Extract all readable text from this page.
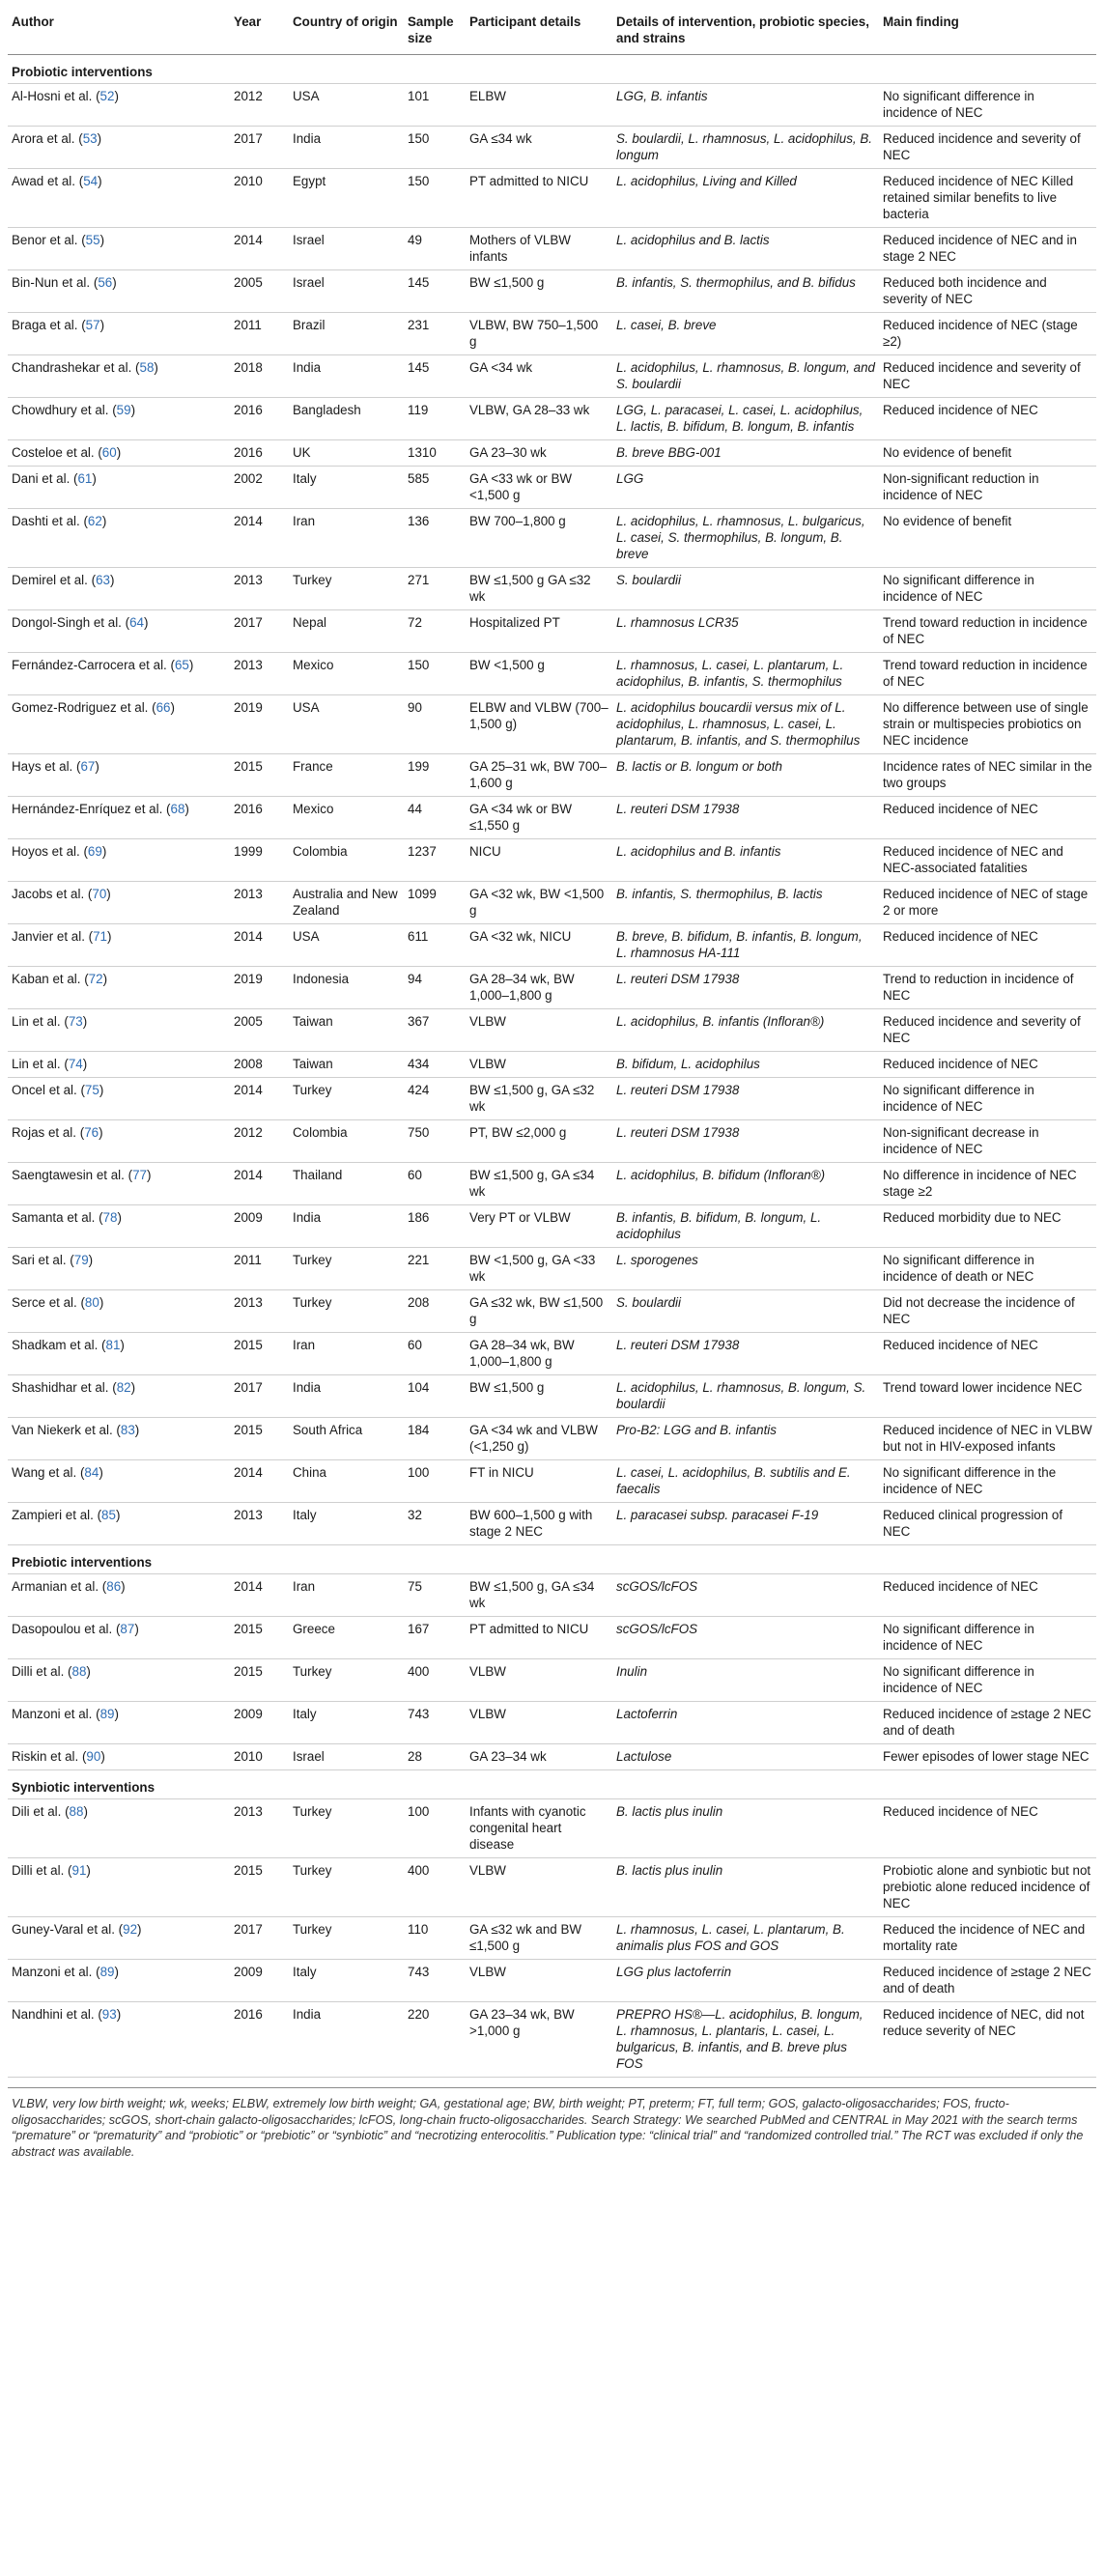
Author	Year	Country of origin	Sample size	Participant details	Details of intervention, probiotic species, and strains	Main finding
Probiotic interventions						
Al-Hosni et al. (52)	2012	USA	101	ELBW	LGG, B. infantis	No significant difference in incidence of NEC
Arora et al. (53)	2017	India	150	GA ≤34 wk	S. boulardii, L. rhamnosus, L. acidophilus, B. longum	Reduced incidence and severity of NEC
Awad et al. (54)	2010	Egypt	150	PT admitted to NICU	L. acidophilus, Living and Killed	Reduced incidence of NEC Killed retained similar benefits to live bacteria
Benor et al. (55)	2014	Israel	49	Mothers of VLBW infants	L. acidophilus and B. lactis	Reduced incidence of NEC and in stage 2 NEC
Bin-Nun et al. (56)	2005	Israel	145	BW ≤1,500 g	B. infantis, S. thermophilus, and B. bifidus	Reduced both incidence and severity of NEC
Braga et al. (57)	2011	Brazil	231	VLBW, BW 750–1,500 g	L. casei, B. breve	Reduced incidence of NEC (stage ≥2)
Chandrashekar et al. (58)	2018	India	145	GA <34 wk	L. acidophilus, L. rhamnosus, B. longum, and S. boulardii	Reduced incidence and severity of NEC
Chowdhury et al. (59)	2016	Bangladesh	119	VLBW, GA 28–33 wk	LGG, L. paracasei, L. casei, L. acidophilus, L. lactis, B. bifidum, B. longum, B. infantis	Reduced incidence of NEC
Costeloe et al. (60)	2016	UK	1310	GA 23–30 wk	B. breve BBG-001	No evidence of benefit
Dani et al. (61)	2002	Italy	585	GA <33 wk or BW <1,500 g	LGG	Non-significant reduction in incidence of NEC
Dashti et al. (62)	2014	Iran	136	BW 700–1,800 g	L. acidophilus, L. rhamnosus, L. bulgaricus, L. casei, S. thermophilus, B. longum, B. breve	No evidence of benefit
Demirel et al. (63)	2013	Turkey	271	BW ≤1,500 g GA ≤32 wk	S. boulardii	No significant difference in incidence of NEC
Dongol-Singh et al. (64)	2017	Nepal	72	Hospitalized PT	L. rhamnosus LCR35	Trend toward reduction in incidence of NEC
Fernández-Carrocera et al. (65)	2013	Mexico	150	BW <1,500 g	L. rhamnosus, L. casei, L. plantarum, L. acidophilus, B. infantis, S. thermophilus	Trend toward reduction in incidence of NEC
Gomez-Rodriguez et al. (66)	2019	USA	90	ELBW and VLBW (700–1,500 g)	L. acidophilus boucardii versus mix of L. acidophilus, L. rhamnosus, L. casei, L. plantarum, B. infantis, and S. thermophilus	No difference between use of single strain or multispecies probiotics on NEC incidence
Hays et al. (67)	2015	France	199	GA 25–31 wk, BW 700–1,600 g	B. lactis or B. longum or both	Incidence rates of NEC similar in the two groups
Hernández-Enríquez et al. (68)	2016	Mexico	44	GA <34 wk or BW ≤1,550 g	L. reuteri DSM 17938	Reduced incidence of NEC
Hoyos et al. (69)	1999	Colombia	1237	NICU	L. acidophilus and B. infantis	Reduced incidence of NEC and NEC-associated fatalities
Jacobs et al. (70)	2013	Australia and New Zealand	1099	GA <32 wk, BW <1,500 g	B. infantis, S. thermophilus, B. lactis	Reduced incidence of NEC of stage 2 or more
Janvier et al. (71)	2014	USA	611	GA <32 wk, NICU	B. breve, B. bifidum, B. infantis, B. longum, L. rhamnosus HA-111	Reduced incidence of NEC
Kaban et al. (72)	2019	Indonesia	94	GA 28–34 wk, BW 1,000–1,800 g	L. reuteri DSM 17938	Trend to reduction in incidence of NEC
Lin et al. (73)	2005	Taiwan	367	VLBW	L. acidophilus, B. infantis (Infloran®)	Reduced incidence and severity of NEC
Lin et al. (74)	2008	Taiwan	434	VLBW	B. bifidum, L. acidophilus	Reduced incidence of NEC
Oncel et al. (75)	2014	Turkey	424	BW ≤1,500 g, GA ≤32 wk	L. reuteri DSM 17938	No significant difference in incidence of NEC
Rojas et al. (76)	2012	Colombia	750	PT, BW ≤2,000 g	L. reuteri DSM 17938	Non-significant decrease in incidence of NEC
Saengtawesin et al. (77)	2014	Thailand	60	BW ≤1,500 g, GA ≤34 wk	L. acidophilus, B. bifidum (Infloran®)	No difference in incidence of NEC stage ≥2
Samanta et al. (78)	2009	India	186	Very PT or VLBW	B. infantis, B. bifidum, B. longum, L. acidophilus	Reduced morbidity due to NEC
Sari et al. (79)	2011	Turkey	221	BW <1,500 g, GA <33 wk	L. sporogenes	No significant difference in incidence of death or NEC
Serce et al. (80)	2013	Turkey	208	GA ≤32 wk, BW ≤1,500 g	S. boulardii	Did not decrease the incidence of NEC
Shadkam et al. (81)	2015	Iran	60	GA 28–34 wk, BW 1,000–1,800 g	L. reuteri DSM 17938	Reduced incidence of NEC
Shashidhar et al. (82)	2017	India	104	BW ≤1,500 g	L. acidophilus, L. rhamnosus, B. longum, S. boulardii	Trend toward lower incidence NEC
Van Niekerk et al. (83)	2015	South Africa	184	GA <34 wk and VLBW (<1,250 g)	Pro-B2: LGG and B. infantis	Reduced incidence of NEC in VLBW but not in HIV-exposed infants
Wang et al. (84)	2014	China	100	FT in NICU	L. casei, L. acidophilus, B. subtilis and E. faecalis	No significant difference in the incidence of NEC
Zampieri et al. (85)	2013	Italy	32	BW 600–1,500 g with stage 2 NEC	L. paracasei subsp. paracasei F-19	Reduced clinical progression of NEC
Prebiotic interventions						
Armanian et al. (86)	2014	Iran	75	BW ≤1,500 g, GA ≤34 wk	scGOS/lcFOS	Reduced incidence of NEC
Dasopoulou et al. (87)	2015	Greece	167	PT admitted to NICU	scGOS/lcFOS	No significant difference in incidence of NEC
Dilli et al. (88)	2015	Turkey	400	VLBW	Inulin	No significant difference in incidence of NEC
Manzoni et al. (89)	2009	Italy	743	VLBW	Lactoferrin	Reduced incidence of ≥stage 2 NEC and of death
Riskin et al. (90)	2010	Israel	28	GA 23–34 wk	Lactulose	Fewer episodes of lower stage NEC
Synbiotic interventions						
Dili et al. (88)	2013	Turkey	100	Infants with cyanotic congenital heart disease	B. lactis plus inulin	Reduced incidence of NEC
Dilli et al. (91)	2015	Turkey	400	VLBW	B. lactis plus inulin	Probiotic alone and synbiotic but not prebiotic alone reduced incidence of NEC
Guney-Varal et al. (92)	2017	Turkey	110	GA ≤32 wk and BW ≤1,500 g	L. rhamnosus, L. casei, L. plantarum, B. animalis plus FOS and GOS	Reduced the incidence of NEC and mortality rate
Manzoni et al. (89)	2009	Italy	743	VLBW	LGG plus lactoferrin	Reduced incidence of ≥stage 2 NEC and of death
Nandhini et al. (93)	2016	India	220	GA 23–34 wk, BW >1,000 g	PREPRO HS®—L. acidophilus, B. longum, L. rhamnosus, L. plantaris, L. casei, L. bulgaricus, B. infantis, and B. breve plus FOS	Reduced incidence of NEC, did not reduce severity of NEC
VLBW, very low birth weight; wk, weeks; ELBW, extremely low birth weight; GA, gestational age; BW, birth weight; PT, preterm; FT, full term; GOS, galacto-oligosaccharides; FOS, fructo-oligosaccharides; scGOS, short-chain galacto-oligosaccharides; lcFOS, long-chain fructo-oligosaccharides. Search Strategy: We searched PubMed and CENTRAL in May 2021 with the search terms “premature” or “prematurity” and “probiotic” or “prebiotic” or “synbiotic” and “necrotizing enterocolitis.” Publication type: “clinical trial” and “randomized controlled trial.” The RCT was excluded if only the abstract was available.
